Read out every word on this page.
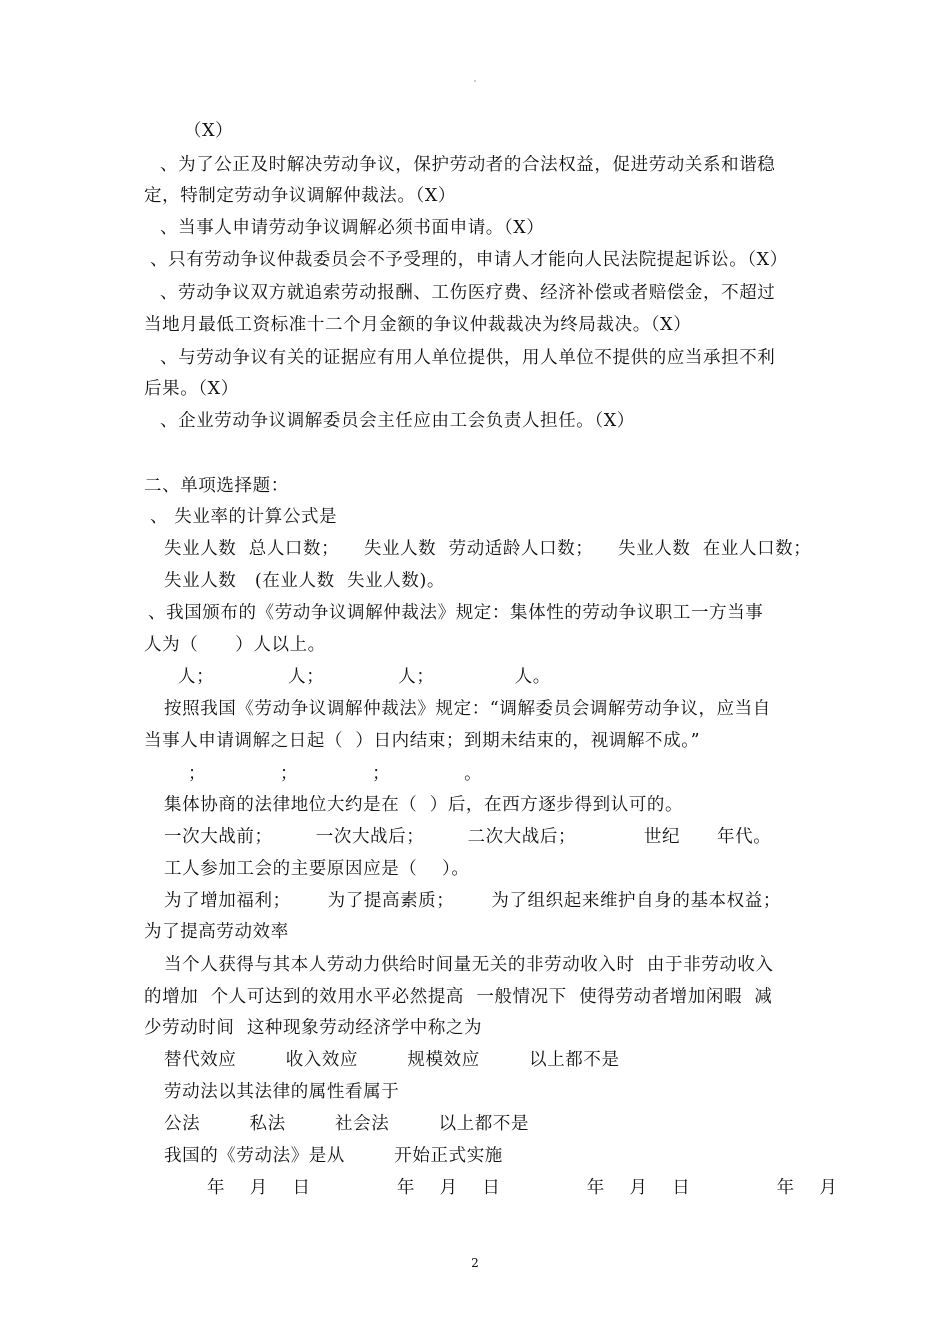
（X）
、为了公正及时解决劳动争议，保护劳动者的合法权益，促进劳动关系和谐稳
定，特制定劳动争议调解仲裁法。（X）
、当事人申请劳动争议调解必须书面申请。（X）
、只有劳动争议仲裁委员会不予受理的，申请人才能向人民法院提起诉讼。（X）
、劳动争议双方就追索劳动报酬、工伤医疗费、经济补偿或者赔偿金，不超过
当地月最低工资标准十二个月金额的争议仲裁裁决为终局裁决。（X）
、与劳动争议有关的证据应有用人单位提供，用人单位不提供的应当承担不利
后果。（X）
、企业劳动争议调解委员会主任应由工会负责人担任。（X）
二、单项选择题：
、 失业率的计算公式是
失业人数  总人口数；    失业人数  劳动适龄人口数；    失业人数  在业人口数；
失业人数   (在业人数  失业人数)。
、我国颁布的《劳动争议调解仲裁法》规定：集体性的劳动争议职工一方当事
人为（      ）人以上。
人；            人；            人；             人。
按照我国《劳动争议调解仲裁法》规定：“调解委员会调解劳动争议，应当自
当事人申请调解之日起（  ）日内结束；到期未结束的，视调解不成。”
；            ；            ；            。
集体协商的法律地位大约是在（  ）后，在西方逐步得到认可的。
一次大战前；       一次大战后；       二次大战后；           世纪      年代。
工人参加工会的主要原因应是（    ）。
为了增加福利；      为了提高素质；      为了组织起来维护自身的基本权益；
为了提高劳动效率
当个人获得与其本人劳动力供给时间量无关的非劳动收入时  由于非劳动收入
的增加  个人可达到的效用水平必然提高  一般情况下  使得劳动者增加闲暇  减
少劳动时间  这种现象劳动经济学中称之为
替代效应        收入效应        规模效应        以上都不是
劳动法以其法律的属性看属于
公法        私法        社会法        以上都不是
我国的《劳动法》是从        开始正式实施
年    月    日              年    月    日              年    月    日              年    月
2
